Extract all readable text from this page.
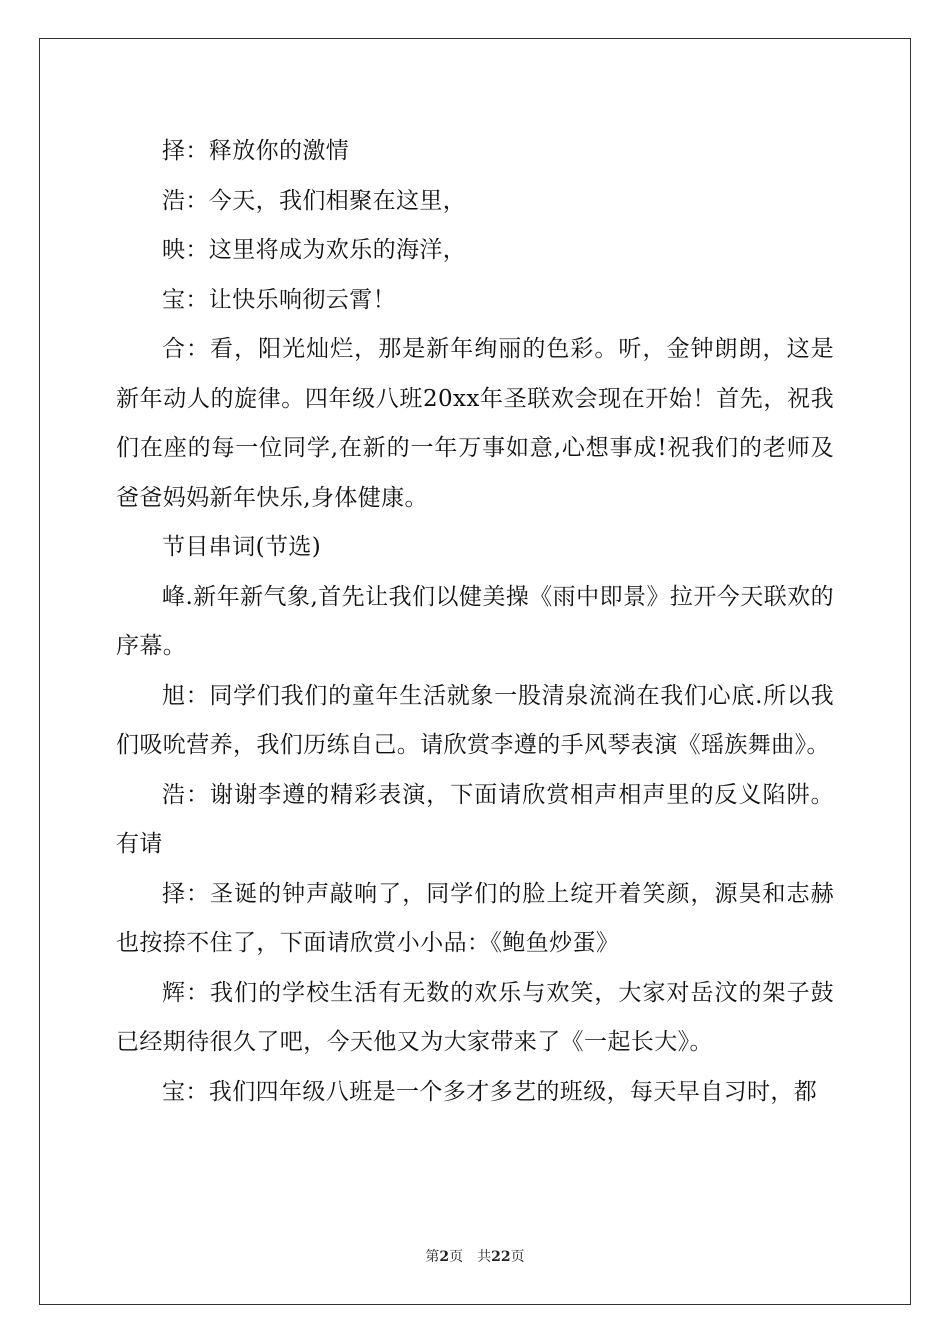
择：释放你的激情

浩：今天，我们相聚在这里，

映：这里将成为欢乐的海洋，

宝：让快乐响彻云霄！

合：看，阳光灿烂，那是新年绚丽的色彩。听，金钟朗朗，这是新年动人的旋律。四年级八班20xx年圣联欢会现在开始！首先，祝我们在座的每一位同学,在新的一年万事如意,心想事成!祝我们的老师及爸爸妈妈新年快乐,身体健康。

节目串词(节选)

峰.新年新气象,首先让我们以健美操《雨中即景》拉开今天联欢的序幕。

旭：同学们我们的童年生活就象一股清泉流淌在我们心底.所以我们吸吮营养，我们历练自己。请欣赏李遵的手风琴表演《瑶族舞曲》。

浩：谢谢李遵的精彩表演，下面请欣赏相声相声里的反义陷阱。有请

择：圣诞的钟声敲响了，同学们的脸上绽开着笑颜，源昊和志赫也按捺不住了，下面请欣赏小小品：《鲍鱼炒蛋》

辉：我们的学校生活有无数的欢乐与欢笑，大家对岳汶的架子鼓已经期待很久了吧，今天他又为大家带来了《一起长大》。

宝：我们四年级八班是一个多才多艺的班级，每天早自习时，都

第2页 共22页
